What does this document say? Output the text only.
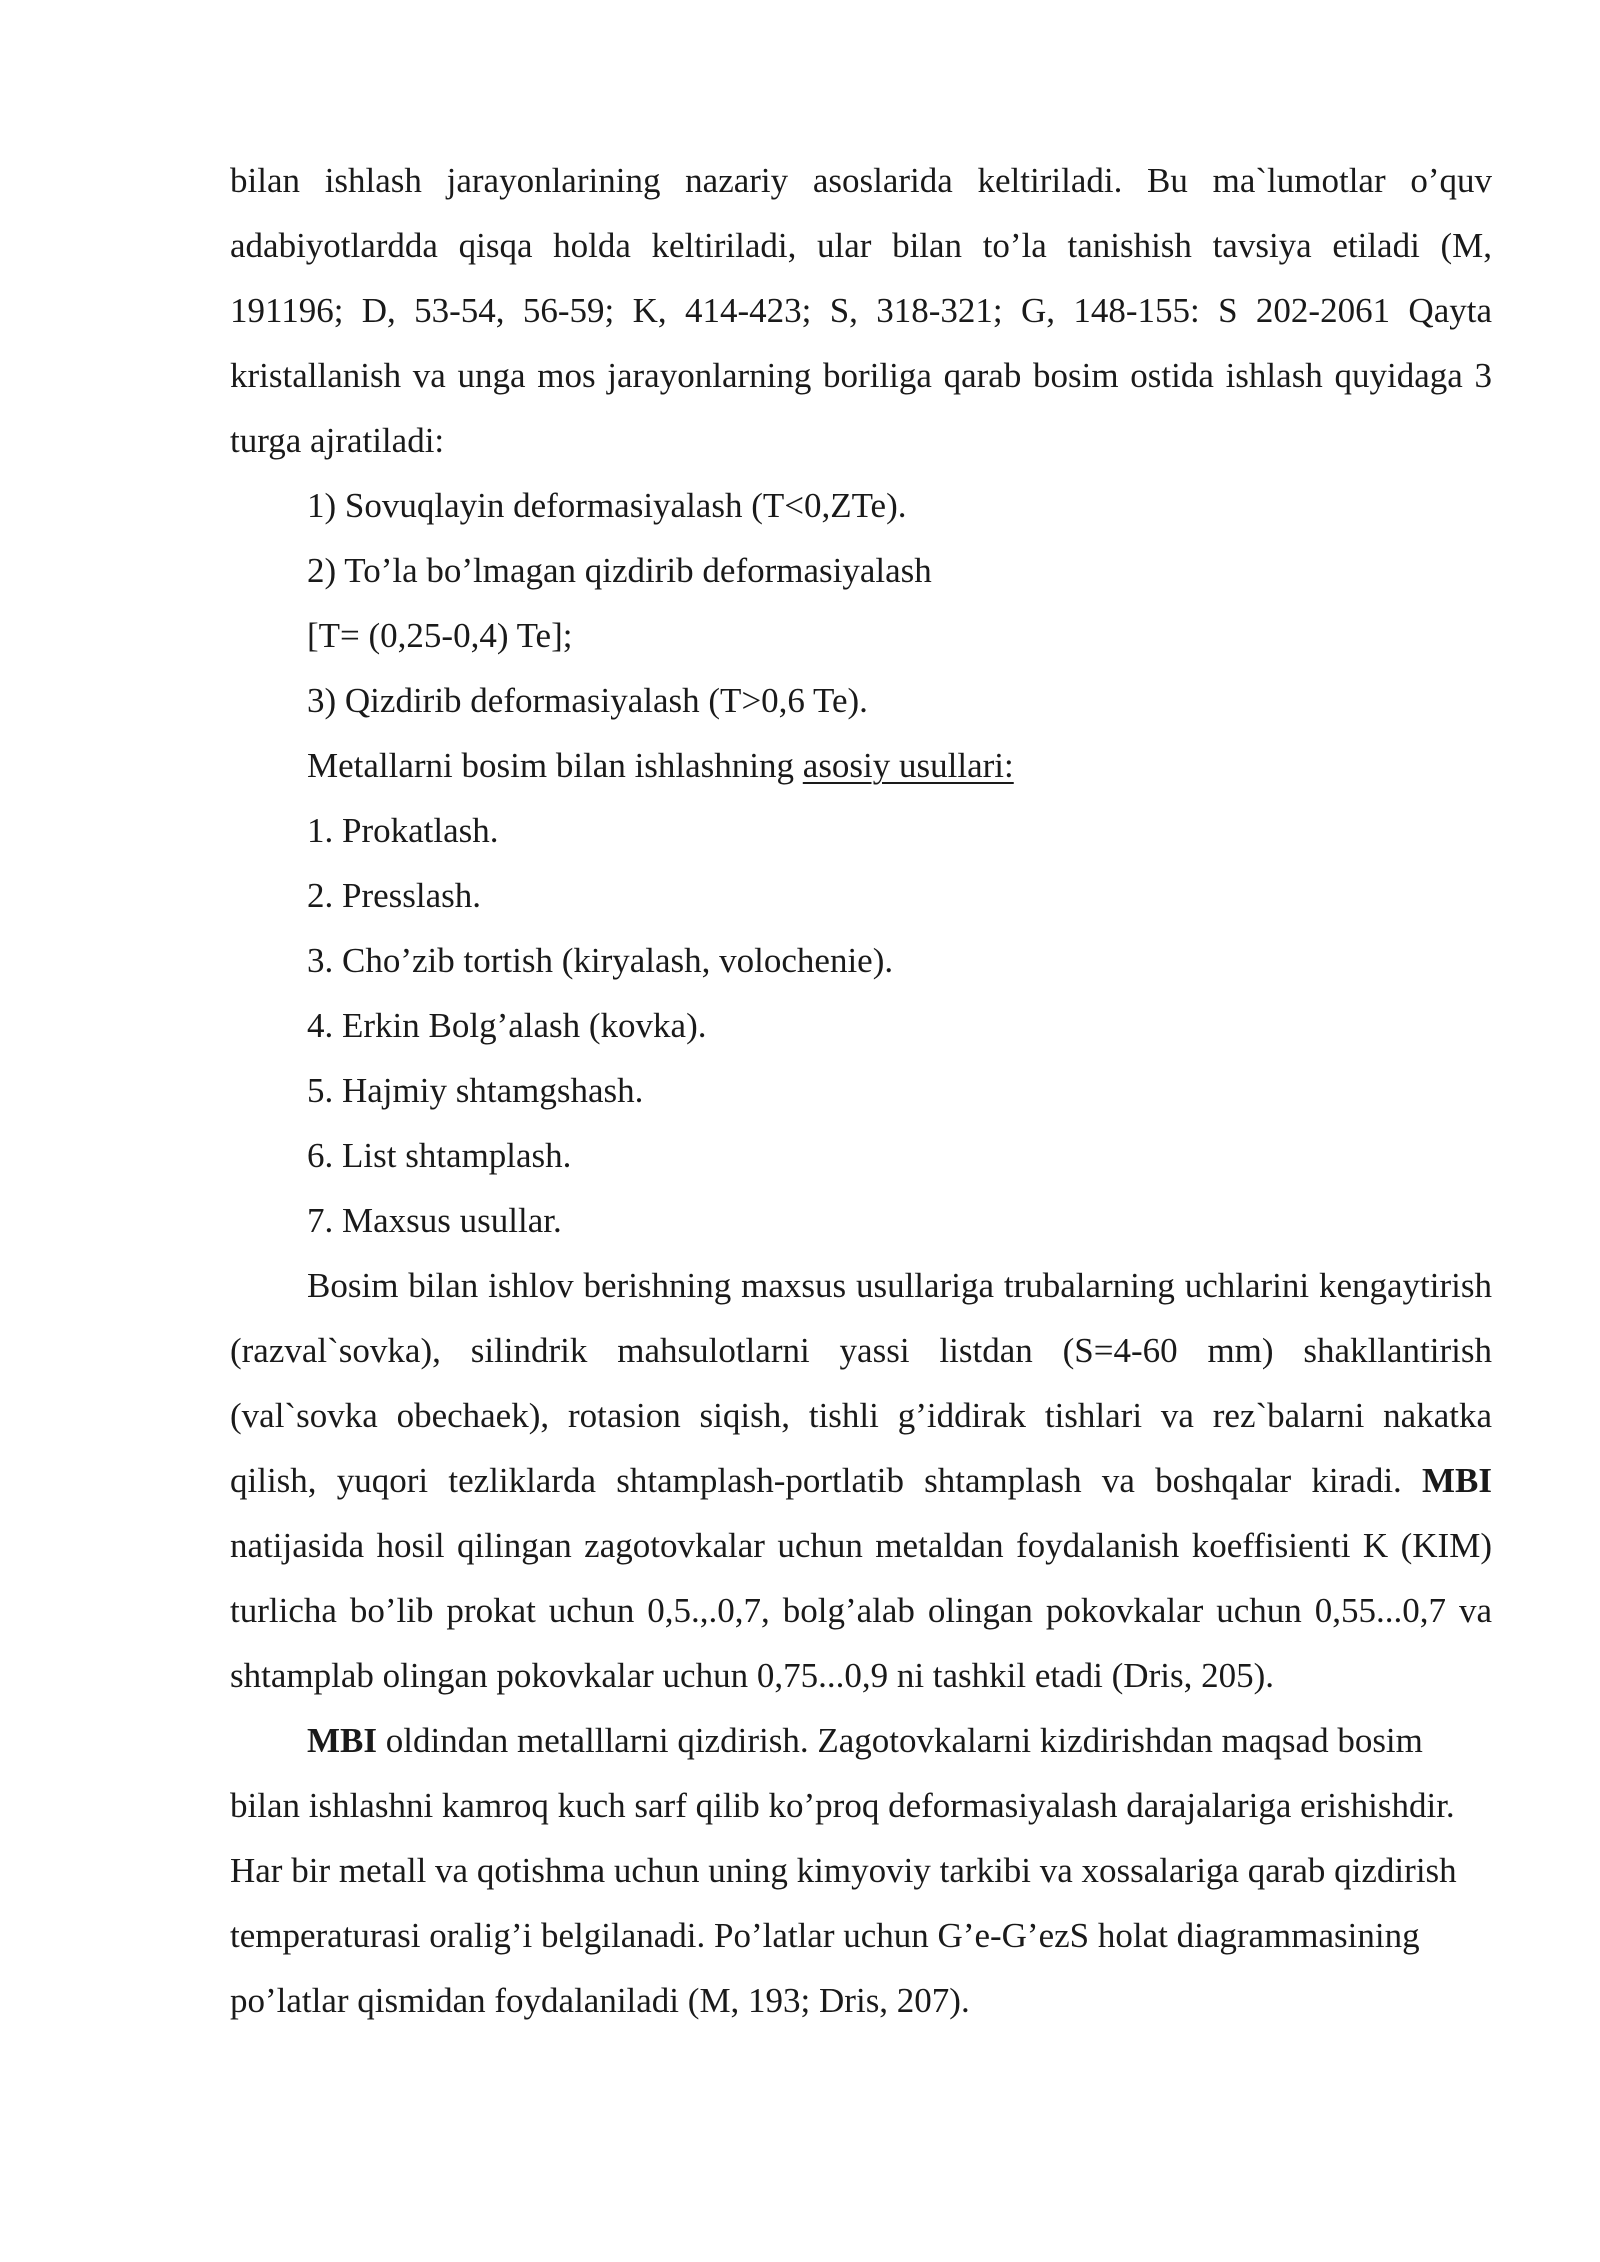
bilan ishlash jarayonlarining nazariy asoslarida keltiriladi. Bu ma`lumotlar o’quv adabiyotlardda qisqa holda keltiriladi, ular bilan to’la tanishish tavsiya etiladi (M, 191196; D, 53-54, 56-59; K, 414-423; S, 318-321; G, 148-155: S 202-2061 Qayta kristallanish va unga mos jarayonlarning boriliga qarab bosim ostida ishlash quyidaga 3 turga ajratiladi:

1) Sovuqlayin deformasiyalash (T<0,ZTe).

2) To’la bo’lmagan qizdirib deformasiyalash

[T= (0,25-0,4) Te];

3) Qizdirib deformasiyalash (T>0,6 Te).

Metallarni bosim bilan ishlashning asosiy usullari:

1. Prokatlash.

2. Presslash.

3. Cho’zib tortish (kiryalash, volochenie).

4. Erkin Bolg’alash (kovka).

5. Hajmiy shtamgshash.

6. List shtamplash.

7. Maxsus usullar.

Bosim bilan ishlov berishning maxsus usullariga trubalarning uchlarini kengaytirish (razval`sovka), silindrik mahsulotlarni yassi listdan (S=4-60 mm) shakllantirish (val`sovka obechaek), rotasion siqish, tishli g’iddirak tishlari va rez`balarni nakatka qilish, yuqori tezliklarda shtamplash-portlatib shtamplash va boshqalar kiradi. MBI natijasida hosil qilingan zagotovkalar uchun metaldan foydalanish koeffisienti K (KIM) turlicha bo’lib prokat uchun 0,5.,.0,7, bolg’alab olingan pokovkalar uchun 0,55...0,7 va shtamplab olingan pokovkalar uchun 0,75...0,9 ni tashkil etadi (Dris, 205).

MBI oldindan metalllarni qizdirish. Zagotovkalarni kizdirishdan maqsad bosim bilan ishlashni kamroq kuch sarf qilib ko’proq deformasiyalash darajalariga erishishdir. Har bir metall va qotishma uchun uning kimyoviy tarkibi va xossalariga qarab qizdirish temperaturasi oralig’i belgilanadi. Po’latlar uchun G’e-G’ezS holat diagrammasining po’latlar qismidan foydalaniladi (M, 193; Dris, 207).
